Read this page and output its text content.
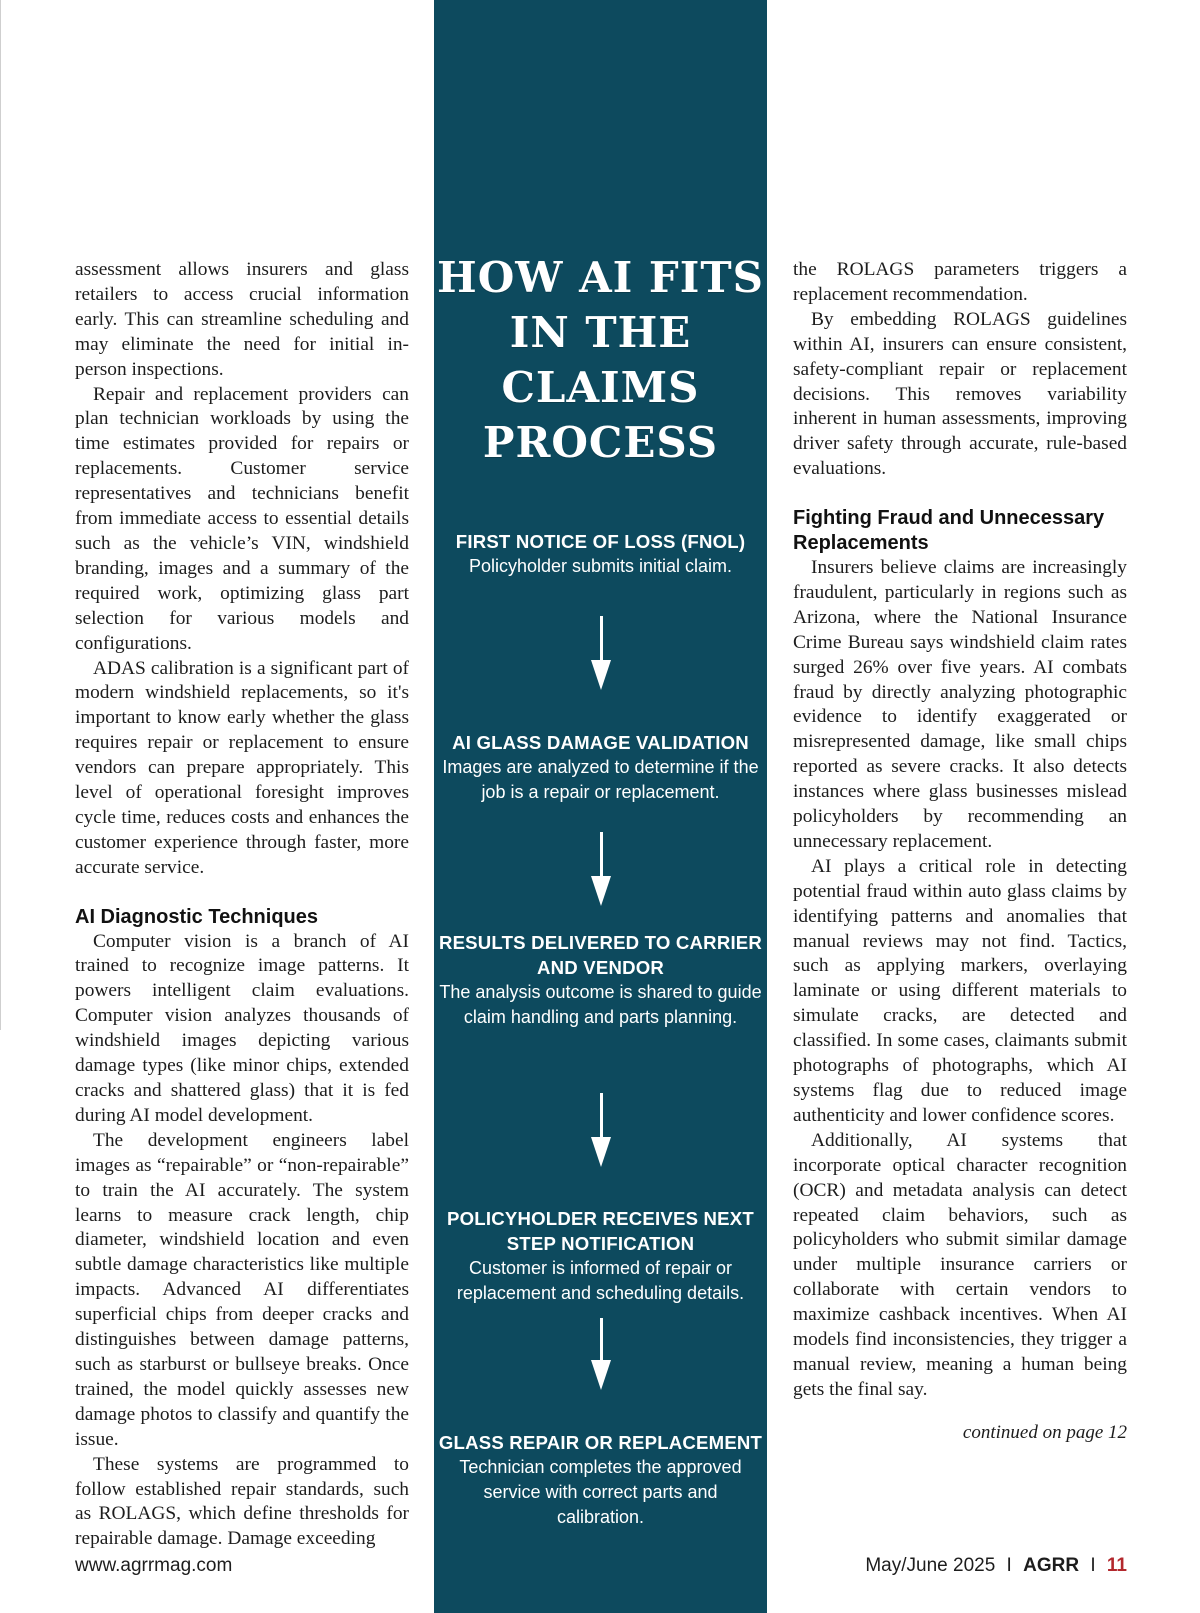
assessment allows insurers and glass retailers to access crucial information early. This can streamline scheduling and may eliminate the need for initial in-person inspections.

Repair and replacement providers can plan technician workloads by using the time estimates provided for repairs or replacements. Customer service representatives and technicians benefit from immediate access to essential details such as the vehicle’s VIN, windshield branding, images and a summary of the required work, optimizing glass part selection for various models and configurations.

ADAS calibration is a significant part of modern windshield replacements, so it's important to know early whether the glass requires repair or replacement to ensure vendors can prepare appropriately. This level of operational foresight improves cycle time, reduces costs and enhances the customer experience through faster, more accurate service.

AI Diagnostic Techniques

Computer vision is a branch of AI trained to recognize image patterns. It powers intelligent claim evaluations. Computer vision analyzes thousands of windshield images depicting various damage types (like minor chips, extended cracks and shattered glass) that it is fed during AI model development.

The development engineers label images as “repairable” or “non-repairable” to train the AI accurately. The system learns to measure crack length, chip diameter, windshield location and even subtle damage characteristics like multiple impacts. Advanced AI differentiates superficial chips from deeper cracks and distinguishes between damage patterns, such as starburst or bullseye breaks. Once trained, the model quickly assesses new damage photos to classify and quantify the issue.

These systems are programmed to follow established repair standards, such as ROLAGS, which define thresholds for repairable damage. Damage exceeding

HOW AI FITS IN THE CLAIMS PROCESS
FIRST NOTICE OF LOSS (FNOL)
Policyholder submits initial claim.
AI GLASS DAMAGE VALIDATION
Images are analyzed to determine if the job is a repair or replacement.
RESULTS DELIVERED TO CARRIER AND VENDOR
The analysis outcome is shared to guide claim handling and parts planning.
POLICYHOLDER RECEIVES NEXT STEP NOTIFICATION
Customer is informed of repair or replacement and scheduling details.
GLASS REPAIR OR REPLACEMENT
Technician completes the approved service with correct parts and calibration.

the ROLAGS parameters triggers a replacement recommendation.

By embedding ROLAGS guidelines within AI, insurers can ensure consistent, safety-compliant repair or replacement decisions. This removes variability inherent in human assessments, improving driver safety through accurate, rule-based evaluations.

Fighting Fraud and Unnecessary Replacements

Insurers believe claims are increasingly fraudulent, particularly in regions such as Arizona, where the National Insurance Crime Bureau says windshield claim rates surged 26% over five years. AI combats fraud by directly analyzing photographic evidence to identify exaggerated or misrepresented damage, like small chips reported as severe cracks. It also detects instances where glass businesses mislead policyholders by recommending an unnecessary replacement.

AI plays a critical role in detecting potential fraud within auto glass claims by identifying patterns and anomalies that manual reviews may not find. Tactics, such as applying markers, overlaying laminate or using different materials to simulate cracks, are detected and classified. In some cases, claimants submit photographs of photographs, which AI systems flag due to reduced image authenticity and lower confidence scores.

Additionally, AI systems that incorporate optical character recognition (OCR) and metadata analysis can detect repeated claim behaviors, such as policyholders who submit similar damage under multiple insurance carriers or collaborate with certain vendors to maximize cashback incentives. When AI models find inconsistencies, they trigger a manual review, meaning a human being gets the final say.

continued on page 12
www.agrrmag.com	May/June 2025 I AGRR I 11
